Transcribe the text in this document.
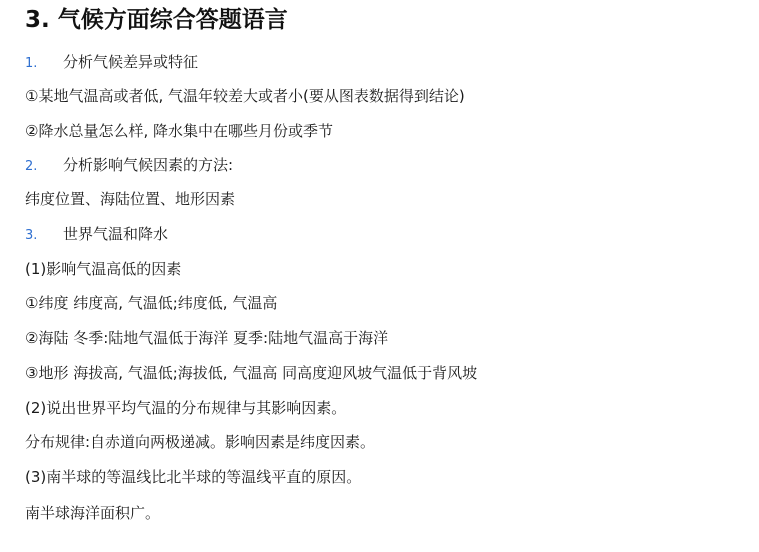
3. 气候方面综合答题语言
1. 分析气候差异或特征
①某地气温高或者低, 气温年较差大或者小(要从图表数据得到结论)
②降水总量怎么样, 降水集中在哪些月份或季节
2. 分析影响气候因素的方法:
纬度位置、海陆位置、地形因素
3. 世界气温和降水
(1)影响气温高低的因素
①纬度 纬度高, 气温低;纬度低, 气温高
②海陆 冬季:陆地气温低于海洋 夏季:陆地气温高于海洋
③地形 海拔高, 气温低;海拔低, 气温高 同高度迎风坡气温低于背风坡
(2)说出世界平均气温的分布规律与其影响因素。
分布规律:自赤道向两极递减。影响因素是纬度因素。
(3)南半球的等温线比北半球的等温线平直的原因。
南半球海洋面积广。
